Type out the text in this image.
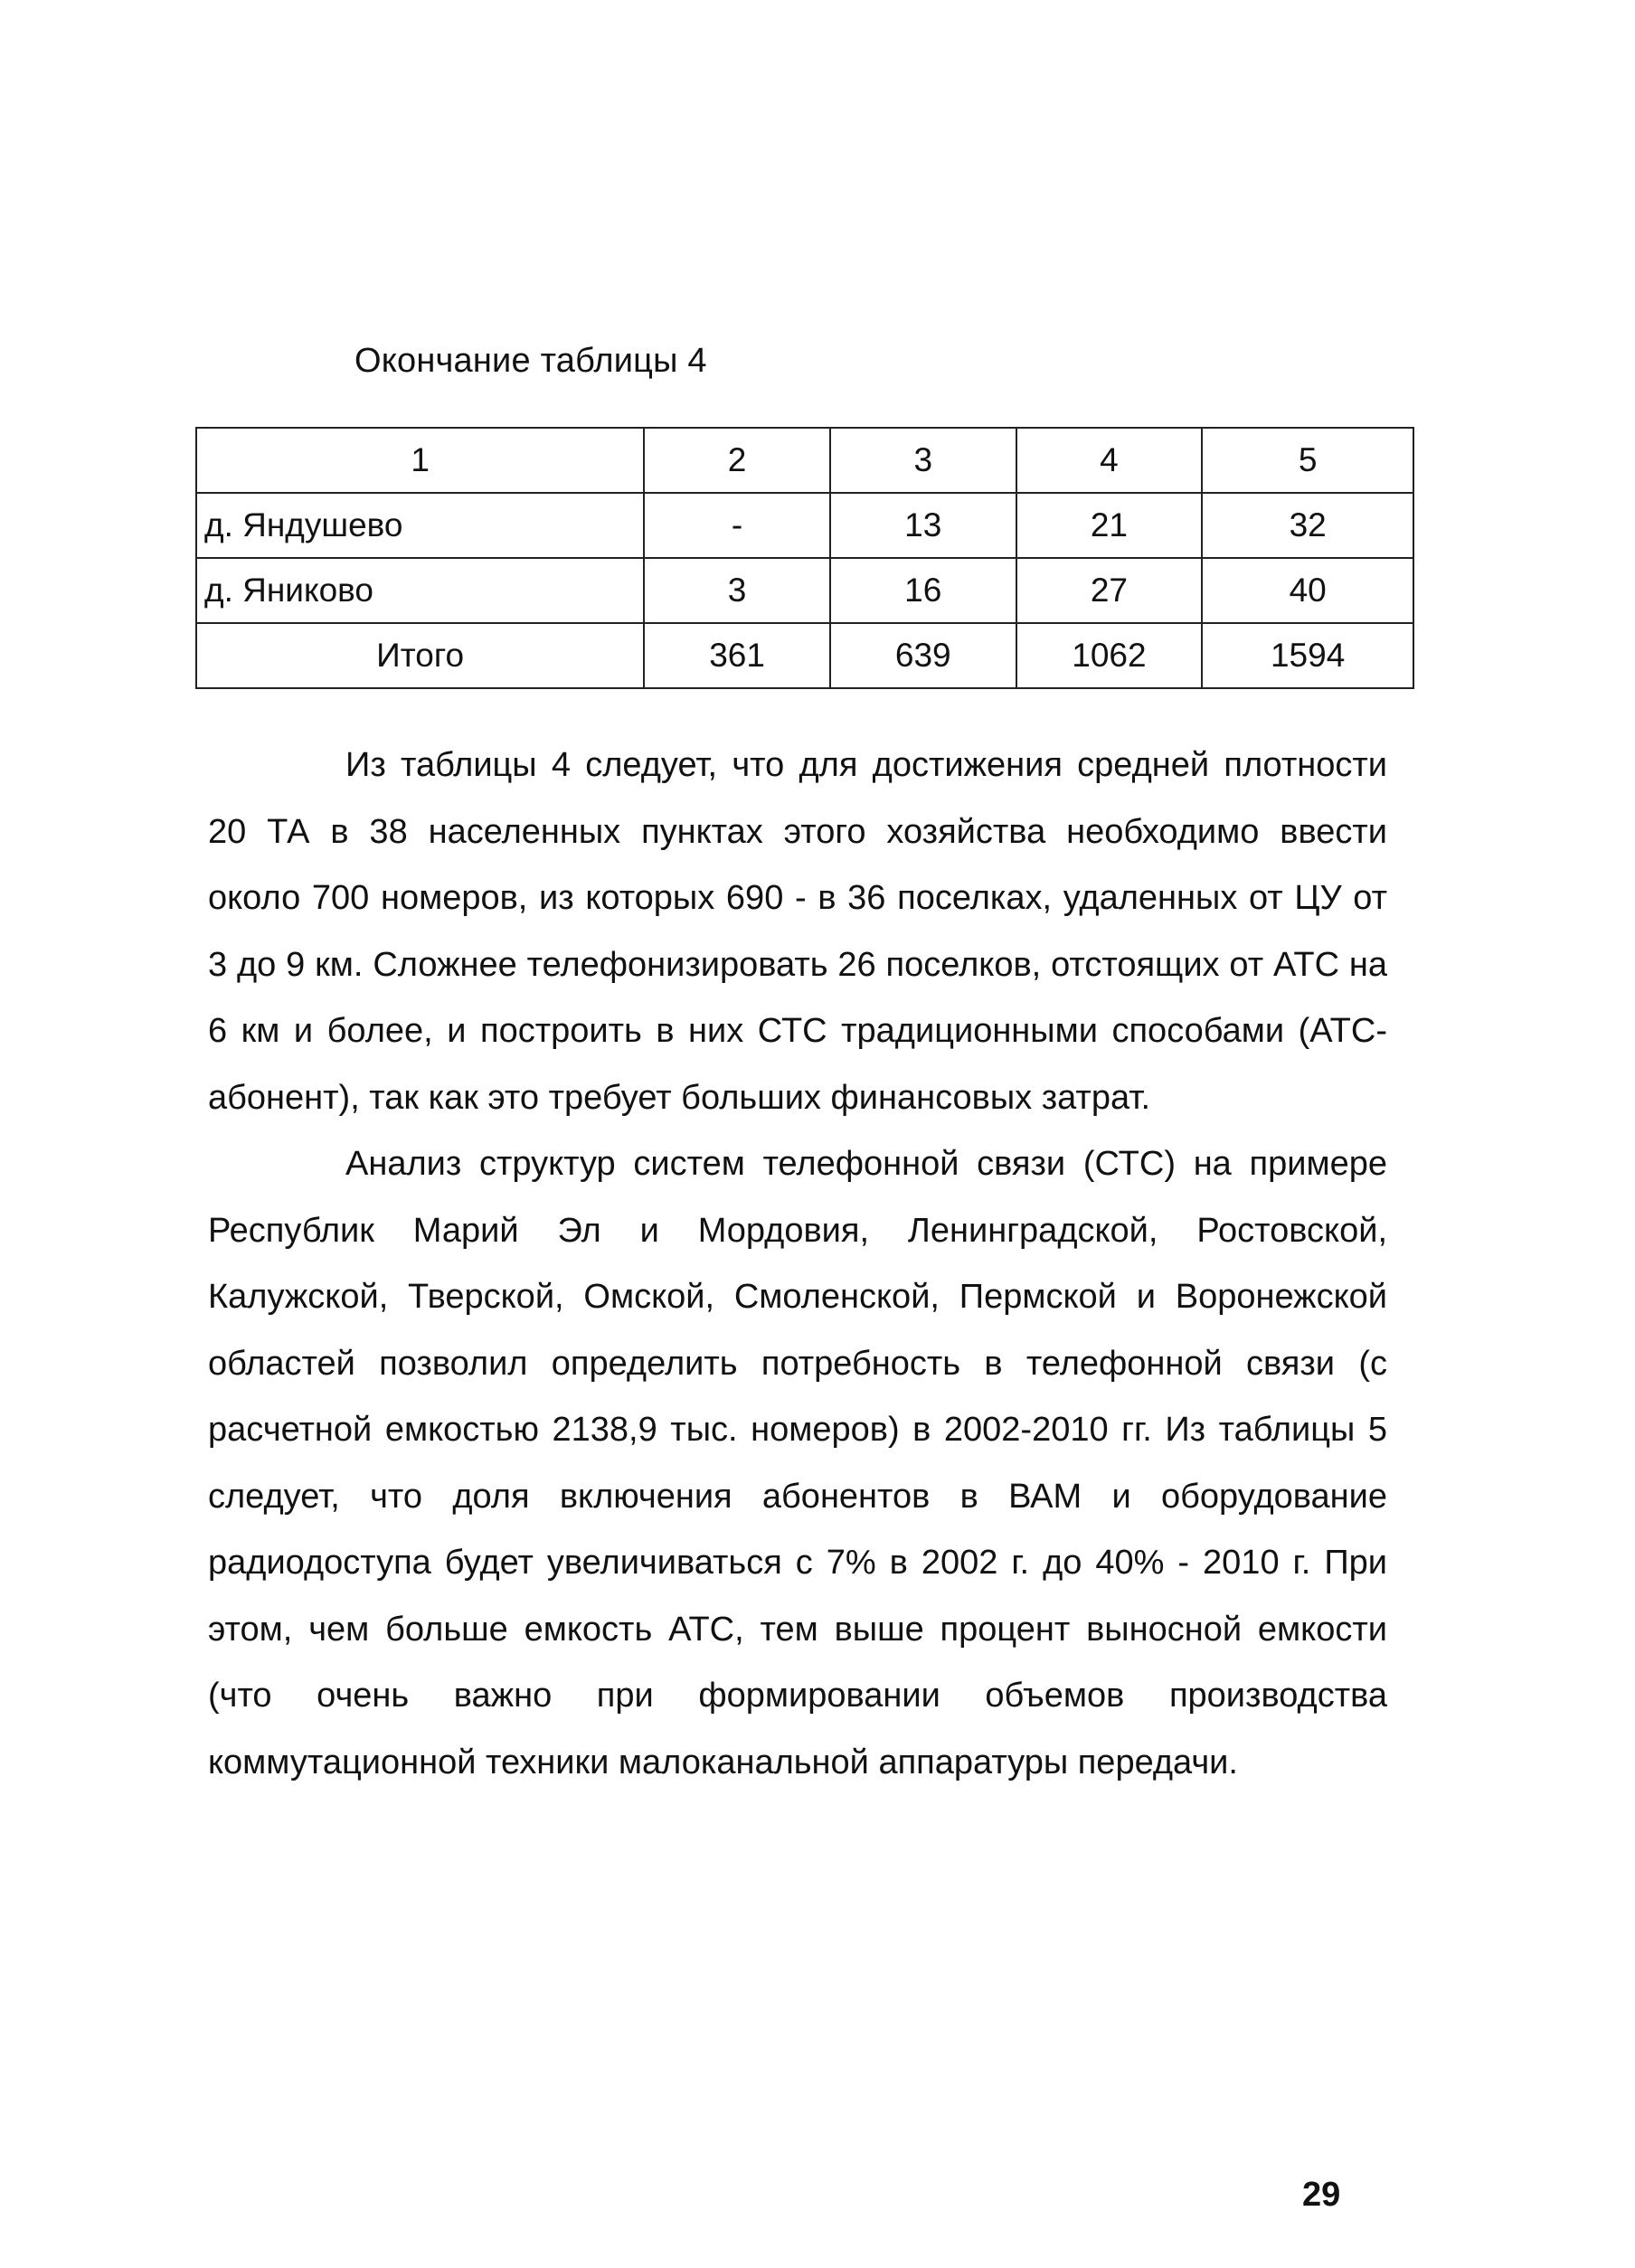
Окончание таблицы 4
1	2	3	4	5
д. Яндушево	-	13	21	32
д. Яниково	3	16	27	40
Итого	361	639	1062	1594

Из таблицы 4 следует, что для достижения средней плотности 20 ТА в 38 населенных пунктах этого хозяйства необходимо ввести около 700 номеров, из которых 690 - в 36 поселках, удаленных от ЦУ от 3 до 9 км. Сложнее телефонизировать 26 поселков, отстоящих от АТС на 6 км и более, и построить в них СТС традиционными способами (АТС-абонент), так как это требует больших финансовых затрат.

Анализ структур систем телефонной связи (СТС) на примере Республик Марий Эл и Мордовия, Ленинградской, Ростовской, Калужской, Тверской, Омской, Смоленской, Пермской и Воронежской областей позволил определить потребность в телефонной связи (с расчетной емкостью 2138,9 тыс. номеров) в 2002-2010 гг. Из таблицы 5 следует, что доля включения абонентов в ВАМ и оборудование радиодоступа будет увеличиваться с 7% в 2002 г. до 40% - 2010 г. При этом, чем больше емкость АТС, тем выше процент выносной емкости (что очень важно при формировании объемов производства коммутационной техники малоканальной аппаратуры передачи.

29
